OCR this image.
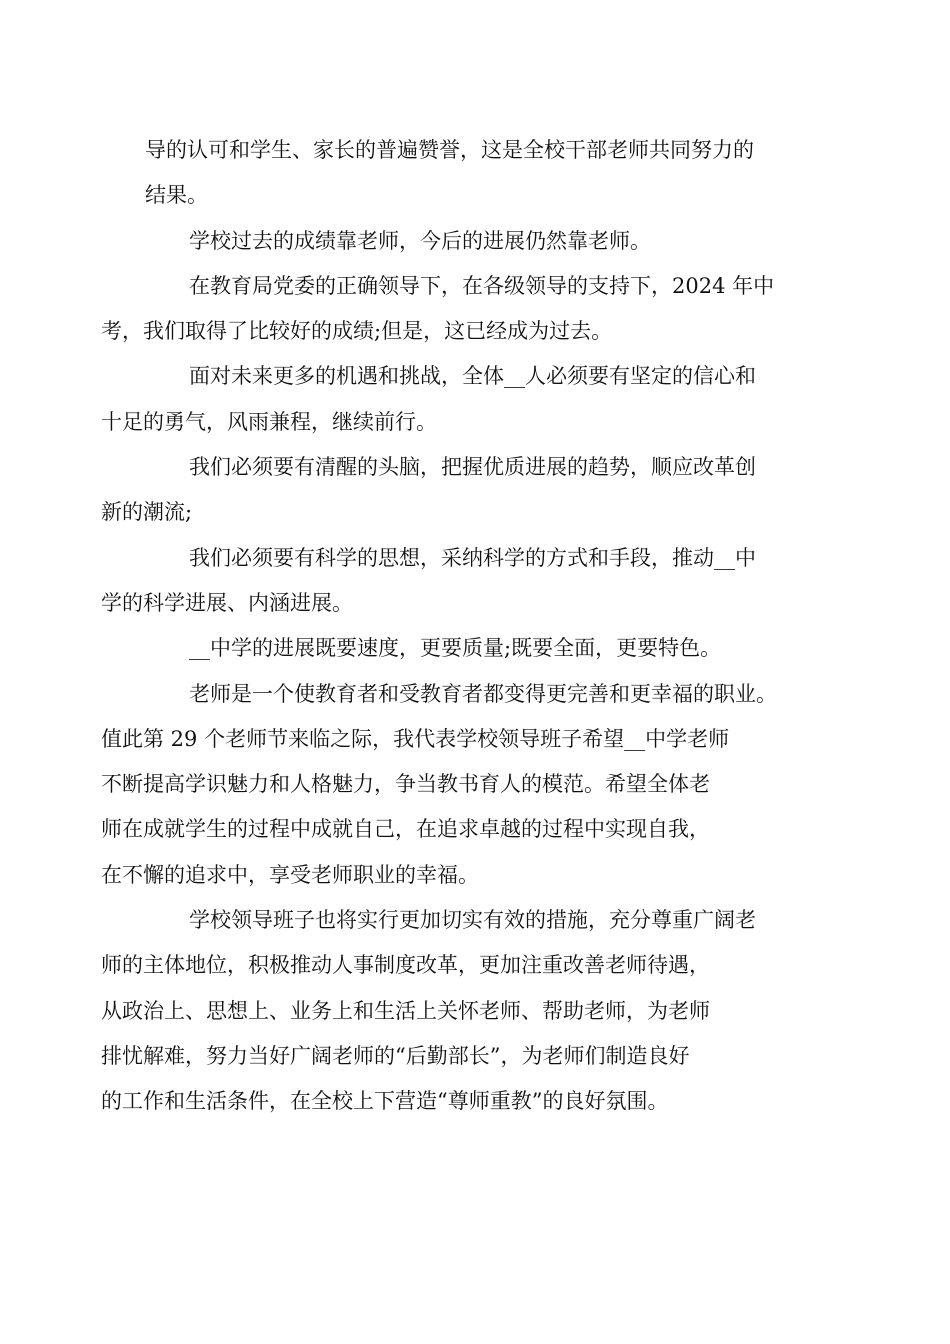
导的认可和学生、家长的普遍赞誉，这是全校干部老师共同努力的
结果。

学校过去的成绩靠老师，今后的进展仍然靠老师。

在教育局党委的正确领导下，在各级领导的支持下，2024 年中
考，我们取得了比较好的成绩;但是，这已经成为过去。

面对未来更多的机遇和挑战，全体__人必须要有坚定的信心和
十足的勇气，风雨兼程，继续前行。

我们必须要有清醒的头脑，把握优质进展的趋势，顺应改革创
新的潮流;

我们必须要有科学的思想，采纳科学的方式和手段，推动__中
学的科学进展、内涵进展。

__中学的进展既要速度，更要质量;既要全面，更要特色。

老师是一个使教育者和受教育者都变得更完善和更幸福的职业。
值此第 29 个老师节来临之际，我代表学校领导班子希望__中学老师
不断提高学识魅力和人格魅力，争当教书育人的模范。希望全体老
师在成就学生的过程中成就自己，在追求卓越的过程中实现自我，
在不懈的追求中，享受老师职业的幸福。

学校领导班子也将实行更加切实有效的措施，充分尊重广阔老
师的主体地位，积极推动人事制度改革，更加注重改善老师待遇，
从政治上、思想上、业务上和生活上关怀老师、帮助老师，为老师
排忧解难，努力当好广阔老师的“后勤部长”，为老师们制造良好
的工作和生活条件，在全校上下营造“尊师重教”的良好氛围。
